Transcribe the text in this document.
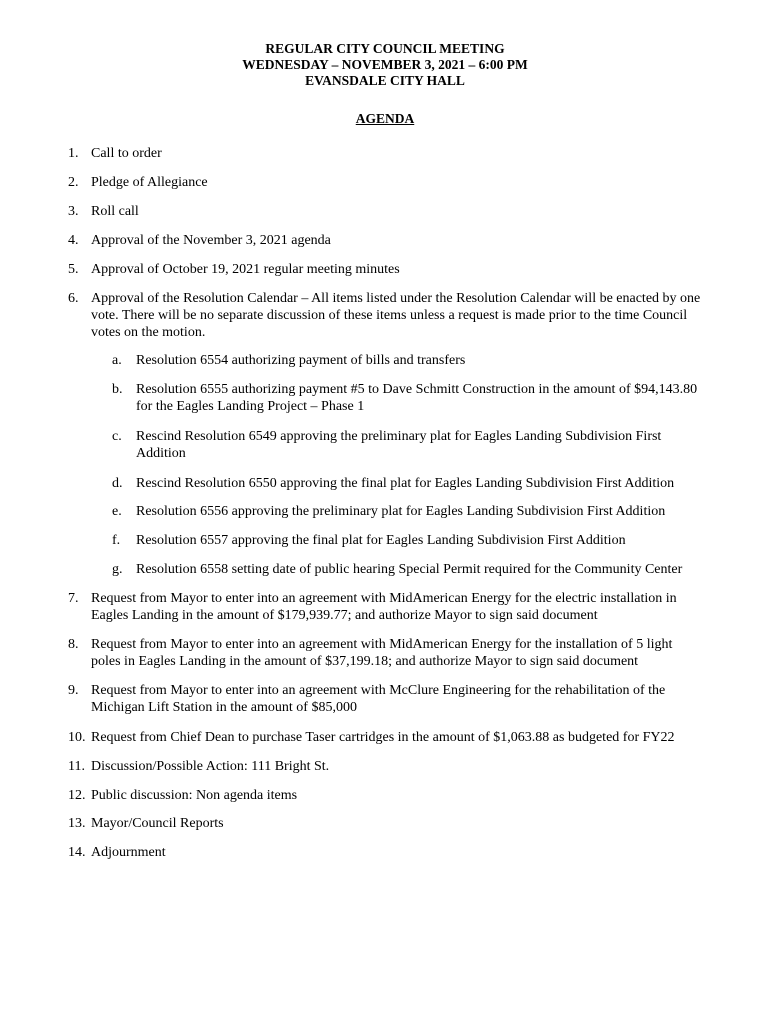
REGULAR CITY COUNCIL MEETING
WEDNESDAY – NOVEMBER 3, 2021 – 6:00 PM
EVANSDALE CITY HALL
AGENDA
1. Call to order
2. Pledge of Allegiance
3. Roll call
4. Approval of the November 3, 2021 agenda
5. Approval of October 19, 2021 regular meeting minutes
6. Approval of the Resolution Calendar – All items listed under the Resolution Calendar will be enacted by one
vote. There will be no separate discussion of these items unless a request is made prior to the time Council
votes on the motion.
a. Resolution 6554 authorizing payment of bills and transfers
b. Resolution 6555 authorizing payment #5 to Dave Schmitt Construction in the amount of $94,143.80
for the Eagles Landing Project – Phase 1
c. Rescind Resolution 6549 approving the preliminary plat for Eagles Landing Subdivision First
Addition
d. Rescind Resolution 6550 approving the final plat for Eagles Landing Subdivision First Addition
e. Resolution 6556 approving the preliminary plat for Eagles Landing Subdivision First Addition
f. Resolution 6557 approving the final plat for Eagles Landing Subdivision First Addition
g. Resolution 6558 setting date of public hearing Special Permit required for the Community Center
7. Request from Mayor to enter into an agreement with MidAmerican Energy for the electric installation in
Eagles Landing in the amount of $179,939.77; and authorize Mayor to sign said document
8. Request from Mayor to enter into an agreement with MidAmerican Energy for the installation of 5 light
poles in Eagles Landing in the amount of $37,199.18; and authorize Mayor to sign said document
9. Request from Mayor to enter into an agreement with McClure Engineering for the rehabilitation of the
Michigan Lift Station in the amount of $85,000
10. Request from Chief Dean to purchase Taser cartridges in the amount of $1,063.88 as budgeted for FY22
11. Discussion/Possible Action: 111 Bright St.
12. Public discussion: Non agenda items
13. Mayor/Council Reports
14. Adjournment
